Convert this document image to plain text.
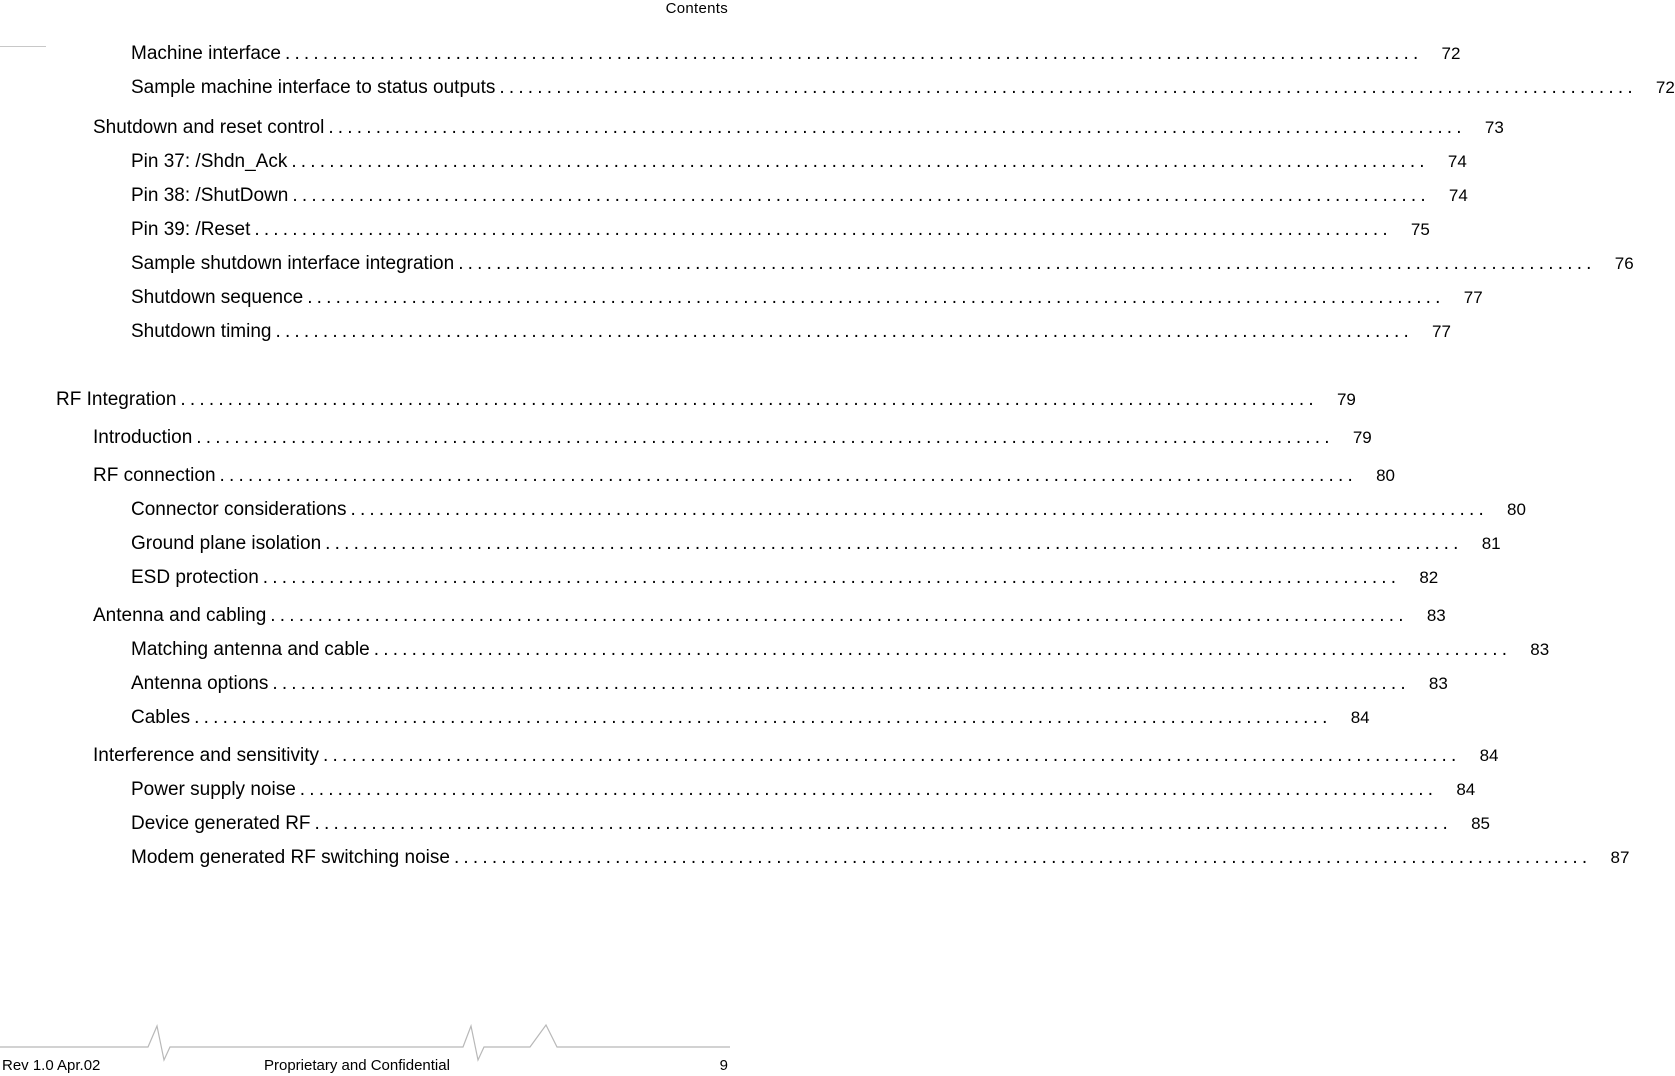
Contents
Machine interface ........................................................................................................................	72
Sample machine interface to status outputs ........................................................................................................................	72
Shutdown and reset control ........................................................................................................................	73
Pin 37: /Shdn_Ack ........................................................................................................................	74
Pin 38: /ShutDown ........................................................................................................................	74
Pin 39: /Reset ........................................................................................................................	75
Sample shutdown interface integration ........................................................................................................................	76
Shutdown sequence ........................................................................................................................	77
Shutdown timing ........................................................................................................................	77
RF Integration ........................................................................................................................	79
Introduction ........................................................................................................................	79
RF connection ........................................................................................................................	80
Connector considerations ........................................................................................................................	80
Ground plane isolation ........................................................................................................................	81
ESD protection ........................................................................................................................	82
Antenna and cabling ........................................................................................................................	83
Matching antenna and cable ........................................................................................................................	83
Antenna options ........................................................................................................................	83
Cables ........................................................................................................................	84
Interference and sensitivity ........................................................................................................................	84
Power supply noise ........................................................................................................................	84
Device generated RF ........................................................................................................................	85
Modem generated RF switching noise ........................................................................................................................	87
Rev 1.0 Apr.02	Proprietary and Confidential	9
